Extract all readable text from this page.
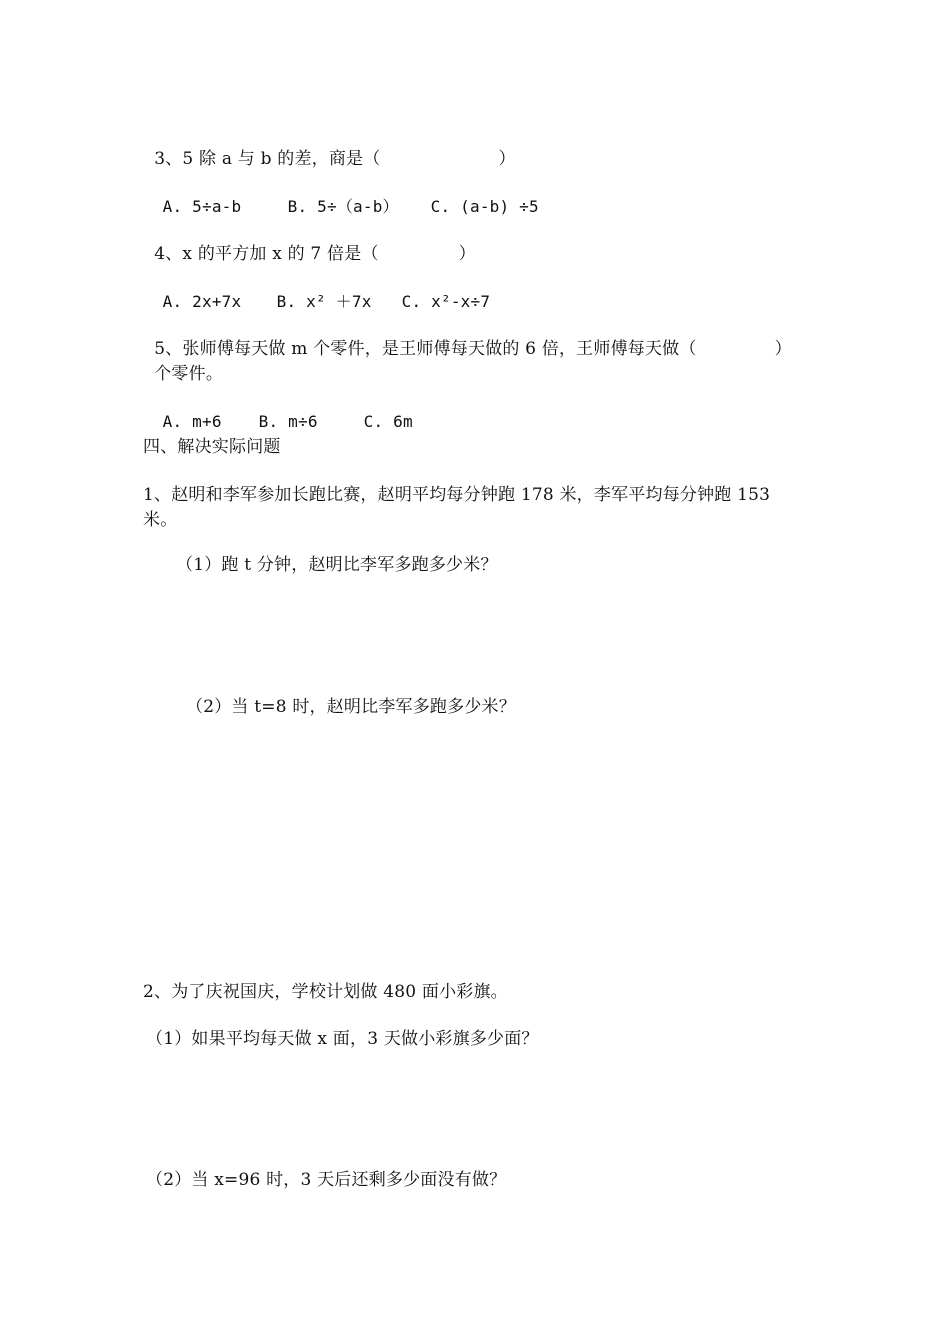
3、5 除 a 与 b 的差，商是（	）

A. 5÷a-b	B. 5÷（a-b） C. (a-b) ÷5

4、x 的平方加 x 的 7 倍是（	）

A. 2x+7x B. x² ＋7x C. x²-x÷7

5、张师傅每天做 m 个零件，是王师傅每天做的 6 倍，王师傅每天做（	）

个零件。

A. m+6 B. m÷6	C. 6m

四、解决实际问题
1、赵明和李军参加长跑比赛，赵明平均每分钟跑 178 米，李军平均每分钟跑 153
米。
（1）跑 t 分钟，赵明比李军多跑多少米？
（2）当 t=8 时，赵明比李军多跑多少米？
2、为了庆祝国庆，学校计划做 480 面小彩旗。
（1）如果平均每天做 x 面，3 天做小彩旗多少面？
（2）当 x=96 时，3 天后还剩多少面没有做？
